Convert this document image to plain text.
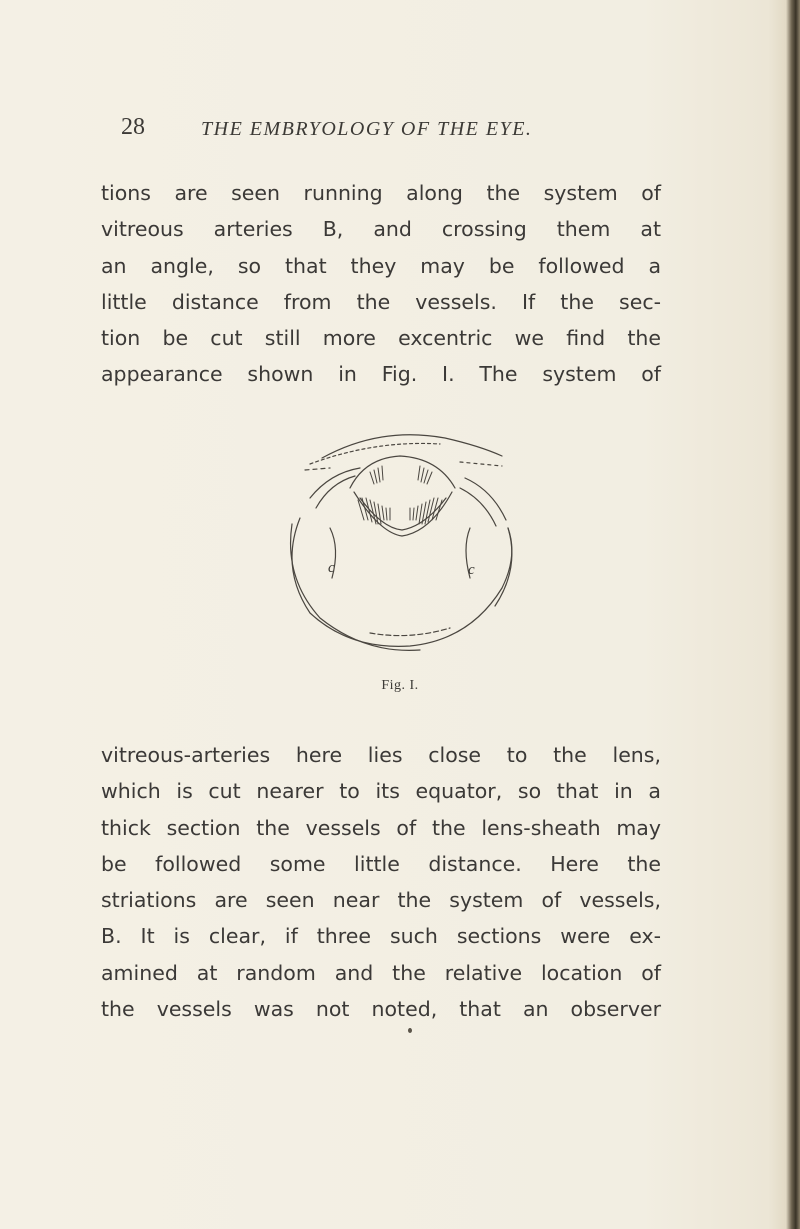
28	THE EMBRYOLOGY OF THE EYE.
tions are seen running along the system of
vitreous arteries B, and crossing them at
an angle, so that they may be followed a
little distance from the vessels. If the sec-
tion be cut still more excentric we find the
appearance shown in Fig. I. The system of
c	c
Fig. I.
vitreous-arteries here lies close to the lens,
which is cut nearer to its equator, so that in a
thick section the vessels of the lens-sheath may
be followed some little distance. Here the
striations are seen near the system of vessels,
B. It is clear, if three such sections were ex-
amined at random and the relative location of
the vessels was not noted, that an observer
